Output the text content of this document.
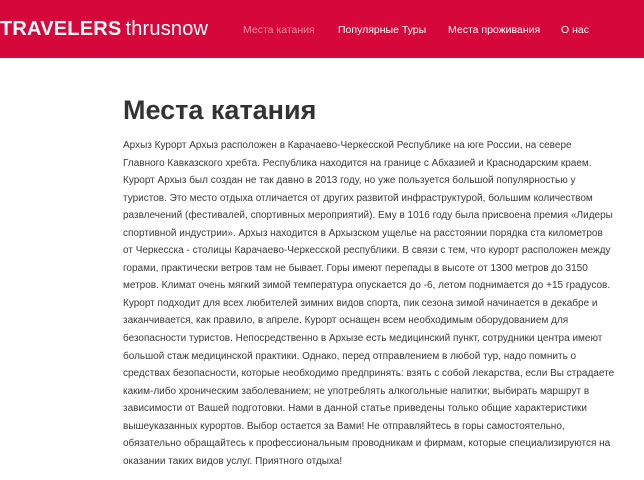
TRAVELERS thrusnow	Места катания Популярные Туры Места проживания О нас
Места катания

Архыз Курорт Архыз расположен в Карачаево-Черкесской Республике на юге России, на севере Главного Кавказского хребта. Республика находится на границе с Абхазией и Краснодарским краем. Курорт Архыз был создан не так давно в 2013 году, но уже пользуется большой популярностью у туристов. Это место отдыха отличается от других развитой инфраструктурой, большим количеством развлечений (фестивалей, спортивных мероприятий). Ему в 1016 году была присвоена премия «Лидеры спортивной индустрии». Архыз находится в Архызском ущелье на расстоянии порядка ста километров от Черкесска - столицы Карачаево-Черкесской республики. В связи с тем, что курорт расположен между горами, практически ветров там не бывает. Горы имеют перепады в высоте от 1300 метров до 3150 метров. Климат очень мягкий зимой температура опускается до -6, летом поднимается до +15 градусов. Курорт подходит для всех любителей зимних видов спорта, пик сезона зимой начинается в декабре и заканчивается, как правило, в апреле. Курорт оснащен всем необходимым оборудованием для безопасности туристов. Непосредственно в Архызе есть медицинский пункт, сотрудники центра имеют большой стаж медицинской практики. Однако, перед отправлением в любой тур, надо помнить о средствах безопасности, которые необходимо предпринять: взять с собой лекарства, если Вы страдаете каким-либо хроническим заболеванием; не употреблять алкогольные напитки; выбирать маршрут в зависимости от Вашей подготовки. Нами в данной статье приведены только общие характеристики вышеуказанных курортов. Выбор остается за Вами! Не отправляйтесь в горы самостоятельно, обязательно обращайтесь к профессиональным проводникам и фирмам, которые специализируются на оказании таких видов услуг. Приятного отдыха!
